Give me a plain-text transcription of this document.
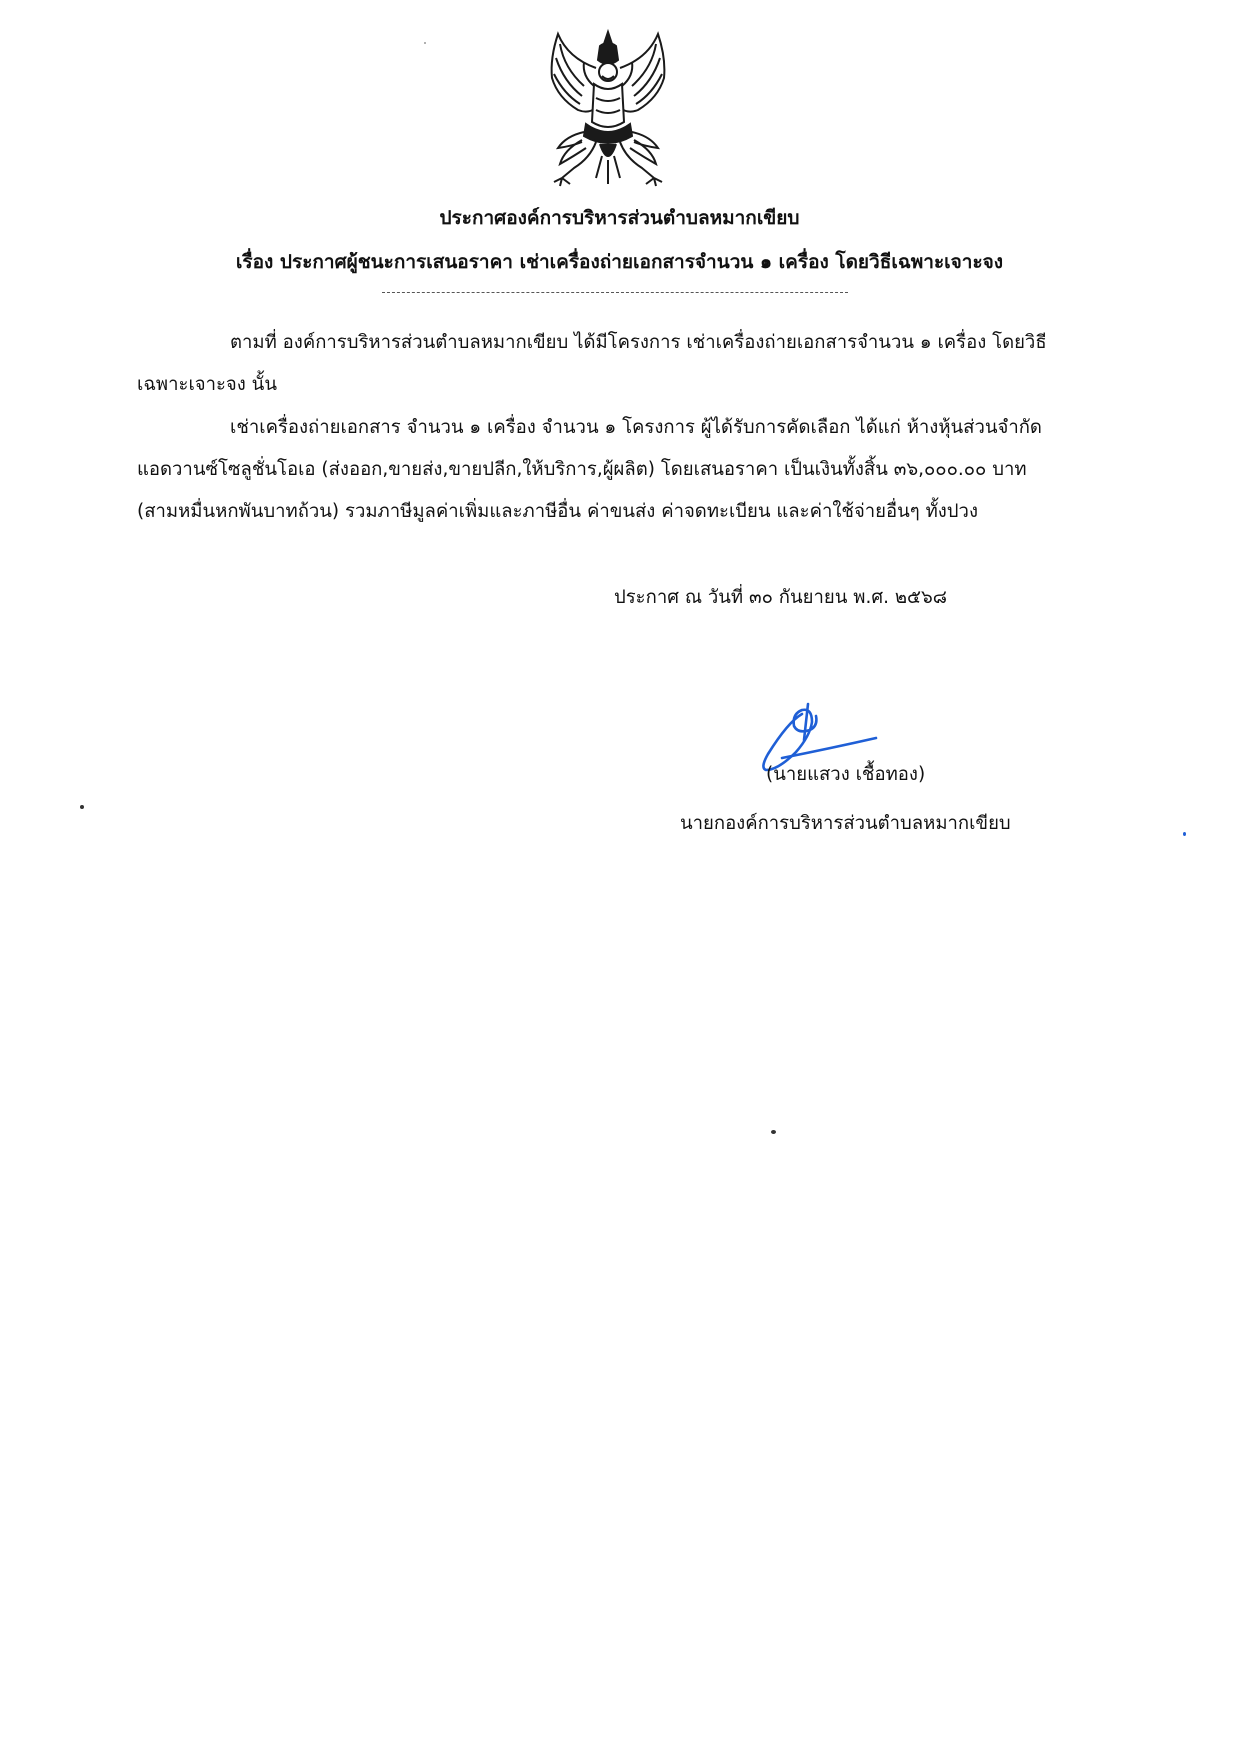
ประกาศองค์การบริหารส่วนตำบลหมากเขียบ
เรื่อง ประกาศผู้ชนะการเสนอราคา เช่าเครื่องถ่ายเอกสารจำนวน ๑ เครื่อง โดยวิธีเฉพาะเจาะจง
ตามที่ องค์การบริหารส่วนตำบลหมากเขียบ ได้มีโครงการ เช่าเครื่องถ่ายเอกสารจำนวน ๑ เครื่อง โดยวิธี
เฉพาะเจาะจง นั้น
เช่าเครื่องถ่ายเอกสาร จำนวน ๑ เครื่อง จำนวน ๑ โครงการ ผู้ได้รับการคัดเลือก ได้แก่ ห้างหุ้นส่วนจำกัด
แอดวานซ์โซลูชั่นโอเอ (ส่งออก,ขายส่ง,ขายปลีก,ให้บริการ,ผู้ผลิต) โดยเสนอราคา เป็นเงินทั้งสิ้น ๓๖,๐๐๐.๐๐ บาท
(สามหมื่นหกพันบาทถ้วน) รวมภาษีมูลค่าเพิ่มและภาษีอื่น ค่าขนส่ง ค่าจดทะเบียน และค่าใช้จ่ายอื่นๆ ทั้งปวง
ประกาศ ณ วันที่ ๓๐ กันยายน พ.ศ. ๒๕๖๘
(นายแสวง เชื้อทอง)
นายกองค์การบริหารส่วนตำบลหมากเขียบ
